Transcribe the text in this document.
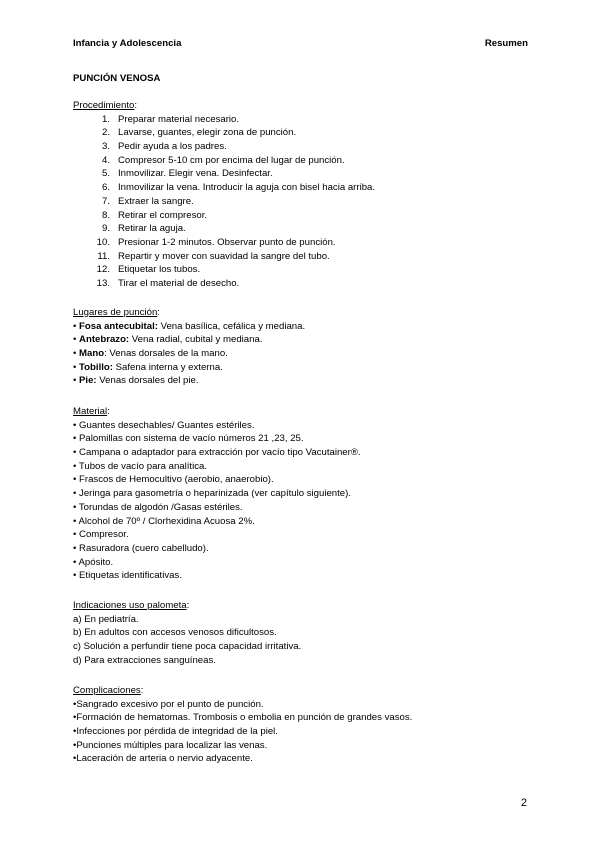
Infancia y Adolescencia	Resumen
PUNCIÓN VENOSA
Procedimiento:
1. Preparar material necesario.
2. Lavarse, guantes, elegir zona de punción.
3. Pedir ayuda a los padres.
4. Compresor 5-10 cm por encima del lugar de punción.
5. Inmovilizar. Elegir vena. Desinfectar.
6. Inmovilizar la vena. Introducir la aguja con bisel hacia arriba.
7. Extraer la sangre.
8. Retirar el compresor.
9. Retirar la aguja.
10. Presionar 1-2 minutos. Observar punto de punción.
11. Repartir y mover con suavidad la sangre del tubo.
12. Etiquetar los tubos.
13. Tirar el material de desecho.
Lugares de punción:
• Fosa antecubital: Vena basílica, cefálica y mediana.
• Antebrazo: Vena radial, cubital y mediana.
• Mano: Venas dorsales de la mano.
• Tobillo: Safena interna y externa.
• Pie: Venas dorsales del pie.
Material:
• Guantes desechables/ Guantes estériles.
• Palomillas con sistema de vacío números 21 ,23, 25.
• Campana o adaptador para extracción por vacío tipo Vacutainer®.
• Tubos de vacío para analítica.
• Frascos de Hemocultivo (aerobio, anaerobio).
• Jeringa para gasometría o heparinizada (ver capítulo siguiente).
• Torundas de algodón /Gasas estériles.
• Alcohol de 70º / Clorhexidina Acuosa 2%.
• Compresor.
• Rasuradora (cuero cabelludo).
• Apósito.
• Etiquetas identificativas.
Indicaciones uso palometa:
a) En pediatría.
b) En adultos con accesos venosos dificultosos.
c) Solución a perfundir tiene poca capacidad irritativa.
d) Para extracciones sanguíneas.
Complicaciones:
•Sangrado excesivo por el punto de punción.
•Formación de hematomas. Trombosis o embolia en punción de grandes vasos.
•Infecciones por pérdida de integridad de la piel.
•Punciones múltiples para localizar las venas.
•Laceración de arteria o nervio adyacente.
2
